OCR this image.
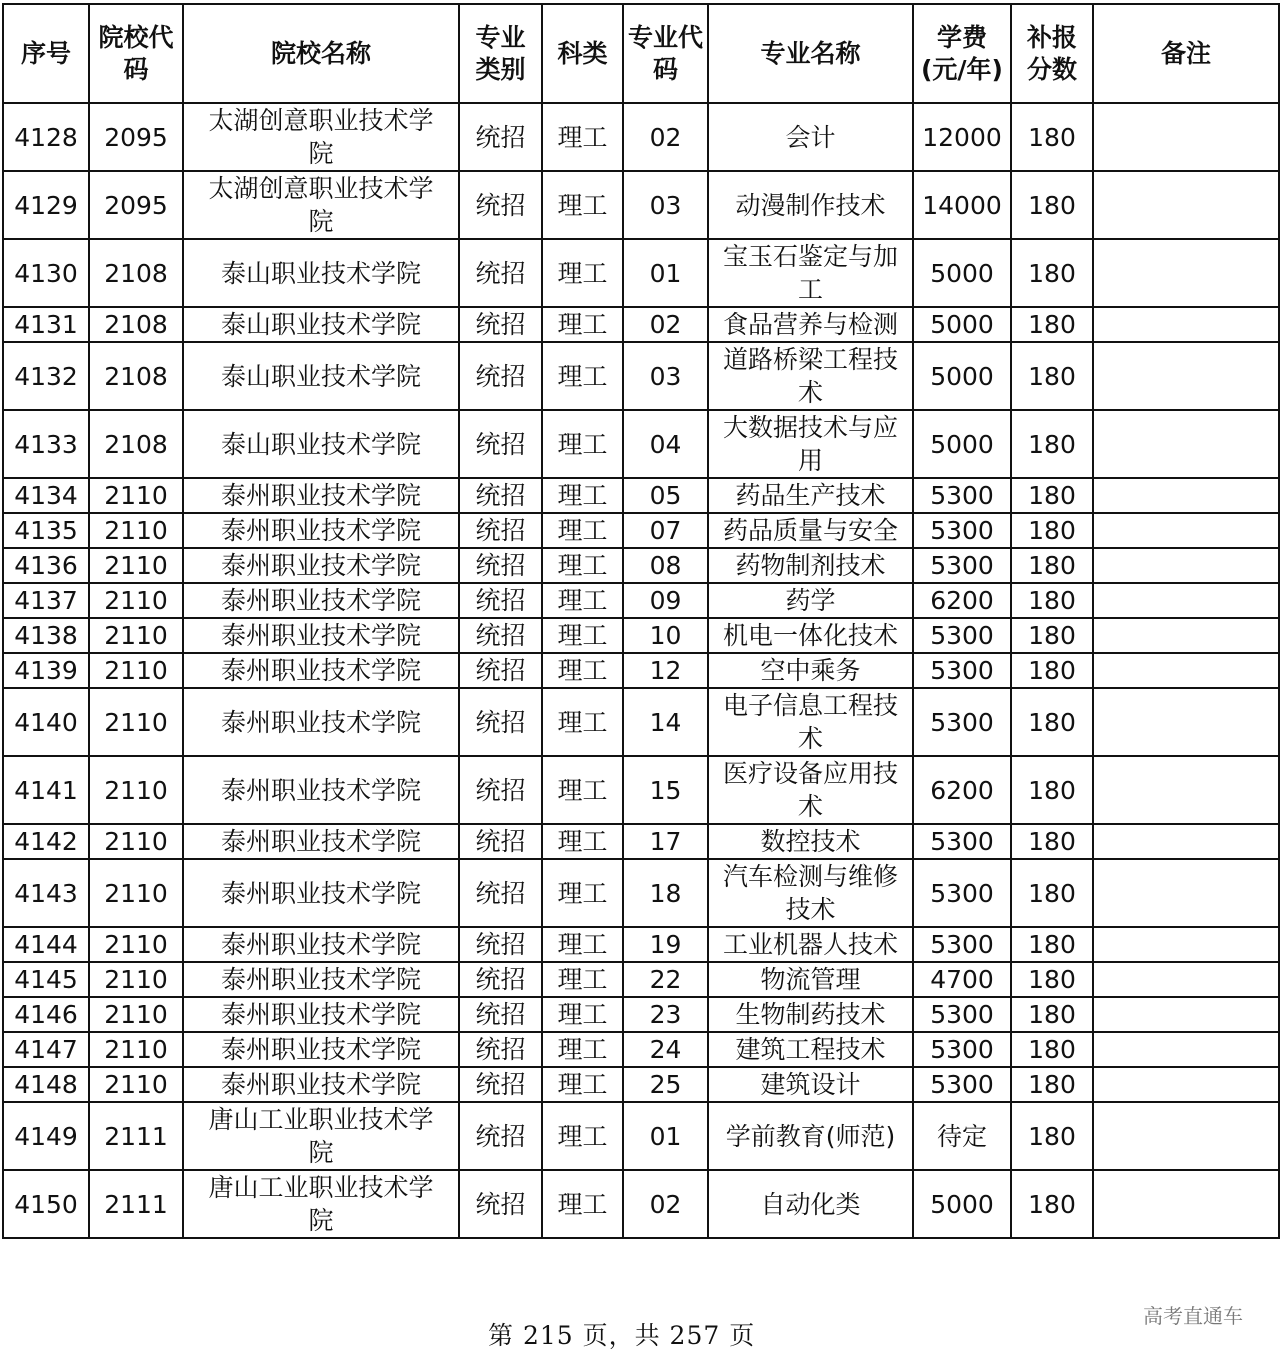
序号	院校代码	院校名称	专业类别	科类	专业代码	专业名称	学费(元/年)	补报分数	备注
4128	2095	太湖创意职业技术学院	统招	理工	02	会计	12000	180	
4129	2095	太湖创意职业技术学院	统招	理工	03	动漫制作技术	14000	180	
4130	2108	泰山职业技术学院	统招	理工	01	宝玉石鉴定与加工	5000	180	
4131	2108	泰山职业技术学院	统招	理工	02	食品营养与检测	5000	180	
4132	2108	泰山职业技术学院	统招	理工	03	道路桥梁工程技术	5000	180	
4133	2108	泰山职业技术学院	统招	理工	04	大数据技术与应用	5000	180	
4134	2110	泰州职业技术学院	统招	理工	05	药品生产技术	5300	180	
4135	2110	泰州职业技术学院	统招	理工	07	药品质量与安全	5300	180	
4136	2110	泰州职业技术学院	统招	理工	08	药物制剂技术	5300	180	
4137	2110	泰州职业技术学院	统招	理工	09	药学	6200	180	
4138	2110	泰州职业技术学院	统招	理工	10	机电一体化技术	5300	180	
4139	2110	泰州职业技术学院	统招	理工	12	空中乘务	5300	180	
4140	2110	泰州职业技术学院	统招	理工	14	电子信息工程技术	5300	180	
4141	2110	泰州职业技术学院	统招	理工	15	医疗设备应用技术	6200	180	
4142	2110	泰州职业技术学院	统招	理工	17	数控技术	5300	180	
4143	2110	泰州职业技术学院	统招	理工	18	汽车检测与维修技术	5300	180	
4144	2110	泰州职业技术学院	统招	理工	19	工业机器人技术	5300	180	
4145	2110	泰州职业技术学院	统招	理工	22	物流管理	4700	180	
4146	2110	泰州职业技术学院	统招	理工	23	生物制药技术	5300	180	
4147	2110	泰州职业技术学院	统招	理工	24	建筑工程技术	5300	180	
4148	2110	泰州职业技术学院	统招	理工	25	建筑设计	5300	180	
4149	2111	唐山工业职业技术学院	统招	理工	01	学前教育(师范)	待定	180	
4150	2111	唐山工业职业技术学院	统招	理工	02	自动化类	5000	180	
第 215 页，共 257 页
高考直通车
